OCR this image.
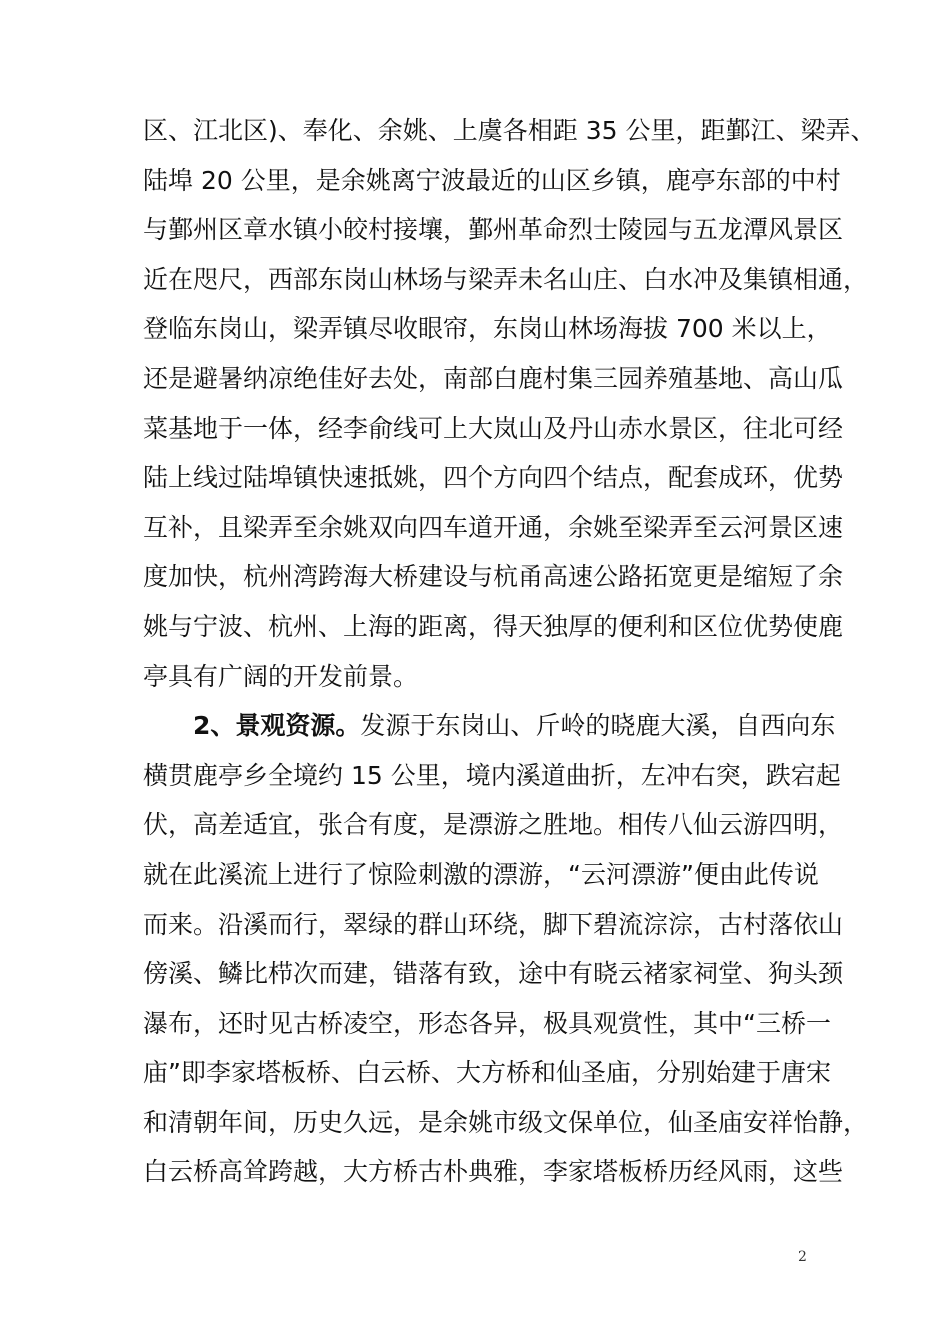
区、江北区)、奉化、余姚、上虞各相距 35 公里，距鄞江、梁弄、
陆埠 20 公里，是余姚离宁波最近的山区乡镇，鹿亭东部的中村
与鄞州区章水镇小皎村接壤，鄞州革命烈士陵园与五龙潭风景区
近在咫尺，西部东岗山林场与梁弄未名山庄、白水冲及集镇相通，
登临东岗山，梁弄镇尽收眼帘，东岗山林场海拔 700 米以上，
还是避暑纳凉绝佳好去处，南部白鹿村集三园养殖基地、高山瓜
菜基地于一体，经李俞线可上大岚山及丹山赤水景区，往北可经
陆上线过陆埠镇快速抵姚，四个方向四个结点，配套成环，优势
互补，且梁弄至余姚双向四车道开通，余姚至梁弄至云河景区速
度加快，杭州湾跨海大桥建设与杭甬高速公路拓宽更是缩短了余
姚与宁波、杭州、上海的距离，得天独厚的便利和区位优势使鹿
亭具有广阔的开发前景。
2、景观资源。发源于东岗山、斤岭的晓鹿大溪，自西向东
横贯鹿亭乡全境约 15 公里，境内溪道曲折，左冲右突，跌宕起
伏，高差适宜，张合有度，是漂游之胜地。相传八仙云游四明，
就在此溪流上进行了惊险刺激的漂游，“云河漂游”便由此传说
而来。沿溪而行，翠绿的群山环绕，脚下碧流淙淙，古村落依山
傍溪、鳞比栉次而建，错落有致，途中有晓云褚家祠堂、狗头颈
瀑布，还时见古桥凌空，形态各异，极具观赏性，其中“三桥一
庙”即李家塔板桥、白云桥、大方桥和仙圣庙，分别始建于唐宋
和清朝年间，历史久远，是余姚市级文保单位，仙圣庙安祥怡静，
白云桥高耸跨越，大方桥古朴典雅，李家塔板桥历经风雨，这些
2
